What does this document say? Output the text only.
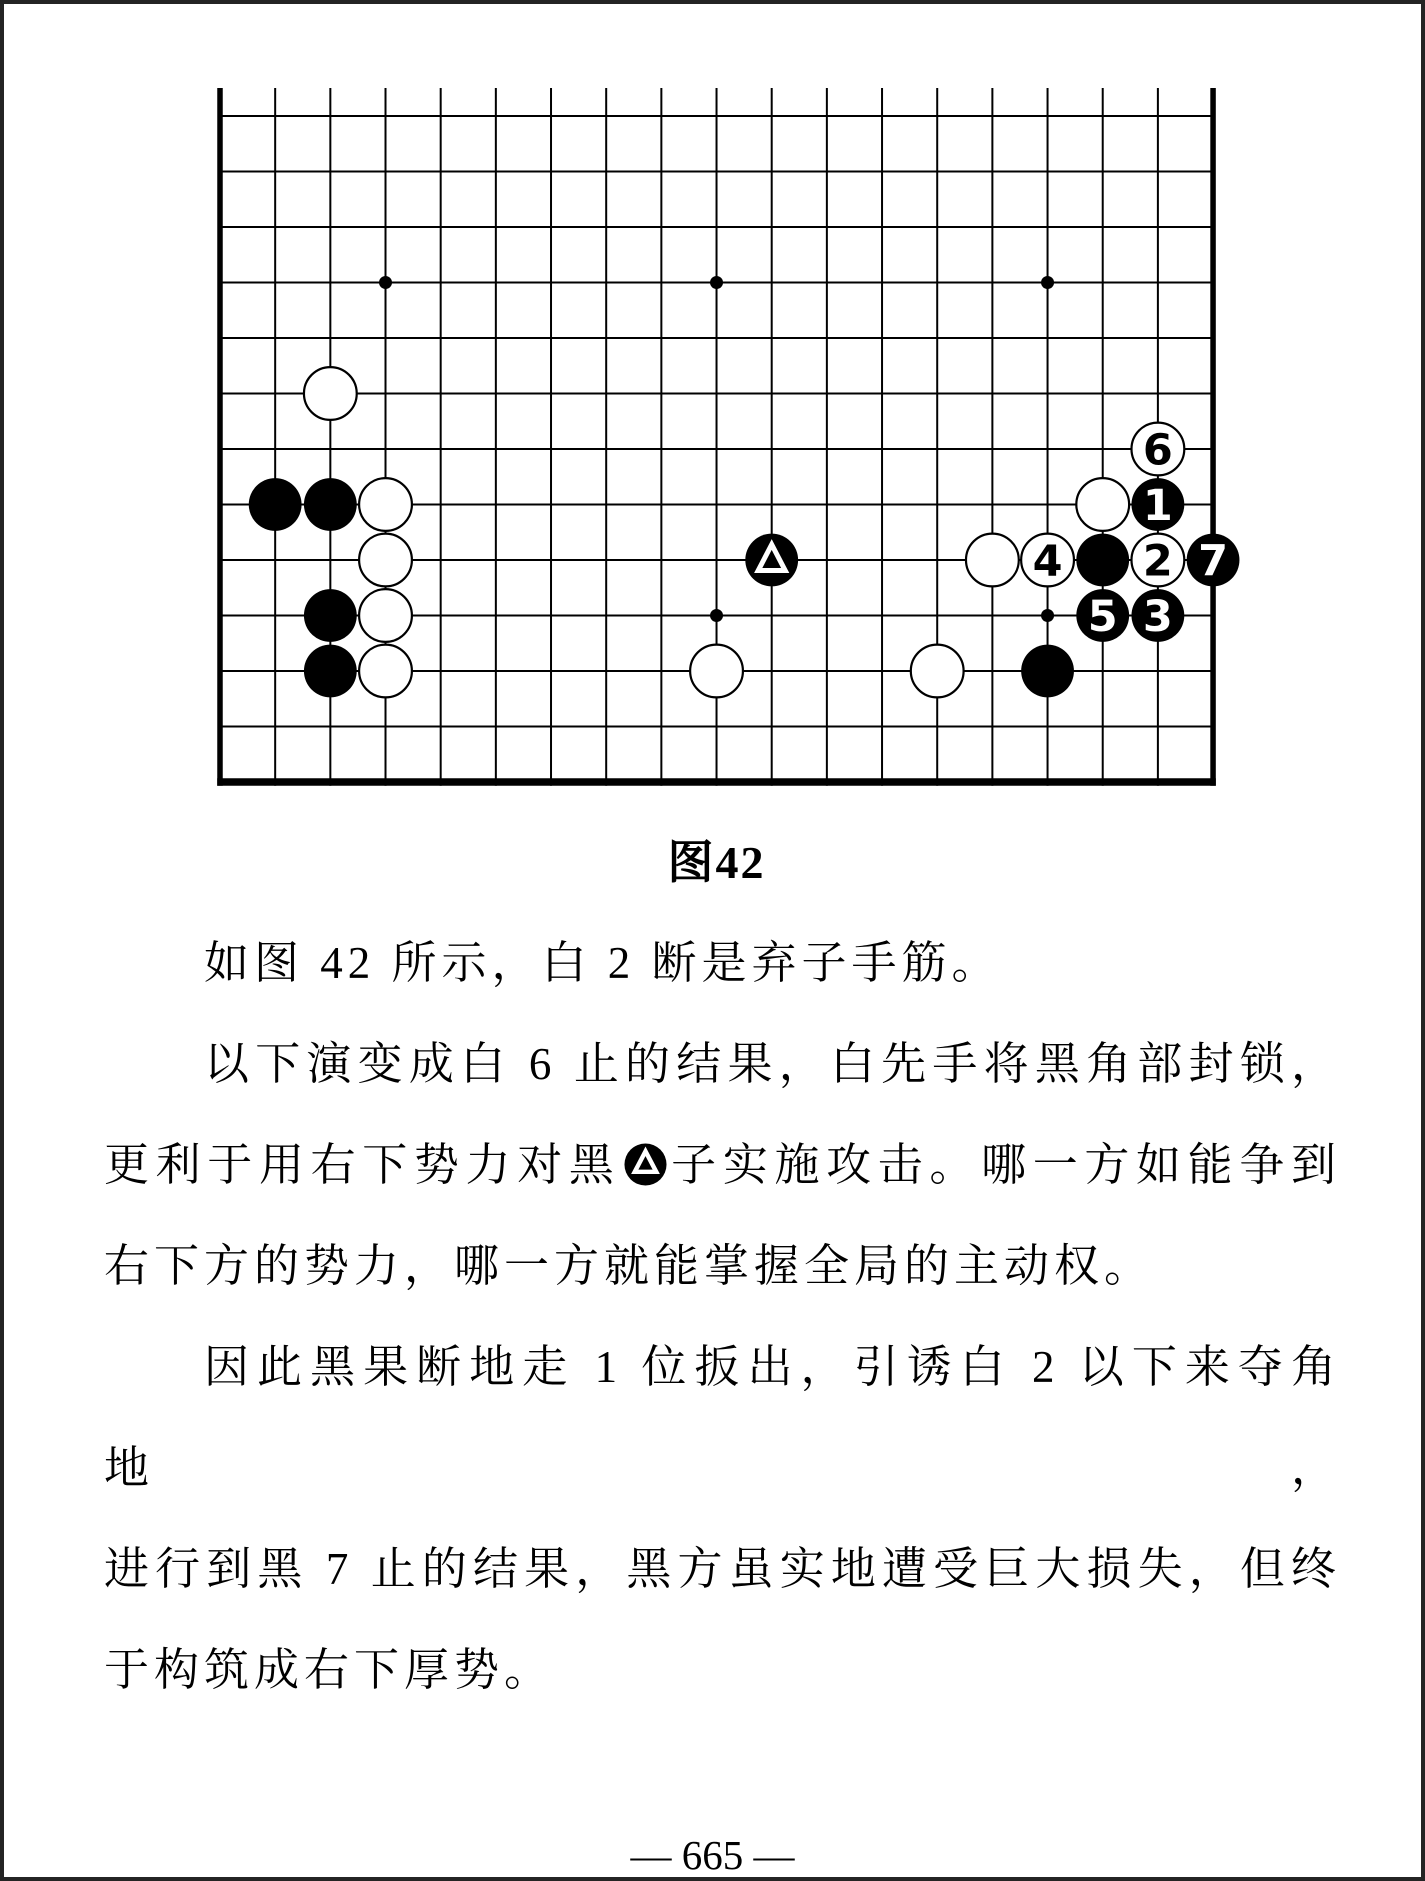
6
1
4 2 7
5 3
图42
如图 42 所示，白 2 断是弃子手筋。
以下演变成白 6 止的结果，白先手将黑角部封锁，
更利于用右下势力对黑 子实施攻击。哪一方如能争到
右下方的势力，哪一方就能掌握全局的主动权。
因此黑果断地走 1 位扳出，引诱白 2 以下来夺角地，
进行到黑 7 止的结果，黑方虽实地遭受巨大损失，但终
于构筑成右下厚势。
— 665 —
